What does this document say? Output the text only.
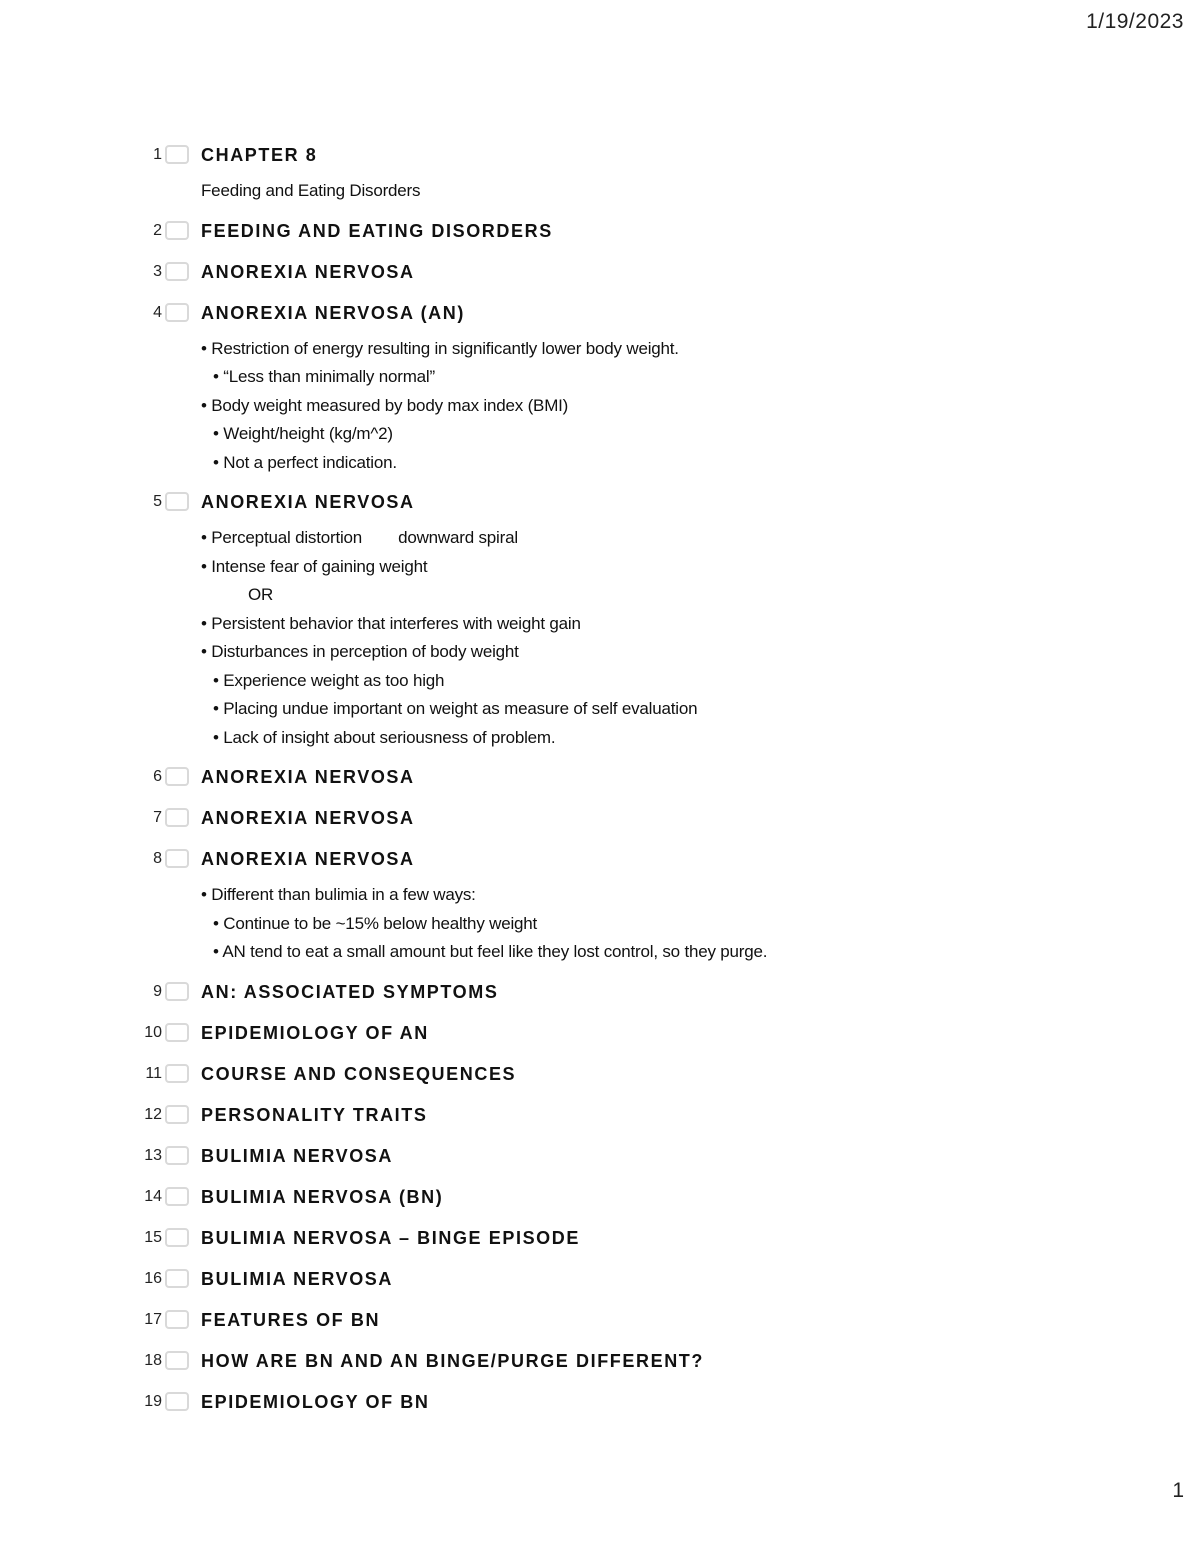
1/19/2023
1 CHAPTER 8
Feeding and Eating Disorders
2 FEEDING AND EATING DISORDERS
3 ANOREXIA NERVOSA
4 ANOREXIA NERVOSA (AN)
• Restriction of energy resulting in significantly lower body weight.
• “Less than minimally normal”
• Body weight measured by body max index (BMI)
• Weight/height (kg/m^2)
• Not a perfect indication.
5 ANOREXIA NERVOSA
• Perceptual distortion downward spiral
• Intense fear of gaining weight
OR
• Persistent behavior that interferes with weight gain
• Disturbances in perception of body weight
• Experience weight as too high
• Placing undue important on weight as measure of self evaluation
• Lack of insight about seriousness of problem.
6 ANOREXIA NERVOSA
7 ANOREXIA NERVOSA
8 ANOREXIA NERVOSA
• Different than bulimia in a few ways:
• Continue to be ~15% below healthy weight
• AN tend to eat a small amount but feel like they lost control, so they purge.
9 AN: ASSOCIATED SYMPTOMS
10 EPIDEMIOLOGY OF AN
11 COURSE AND CONSEQUENCES
12 PERSONALITY TRAITS
13 BULIMIA NERVOSA
14 BULIMIA NERVOSA (BN)
15 BULIMIA NERVOSA – BINGE EPISODE
16 BULIMIA NERVOSA
17 FEATURES OF BN
18 HOW ARE BN AND AN BINGE/PURGE DIFFERENT?
19 EPIDEMIOLOGY OF BN
1
